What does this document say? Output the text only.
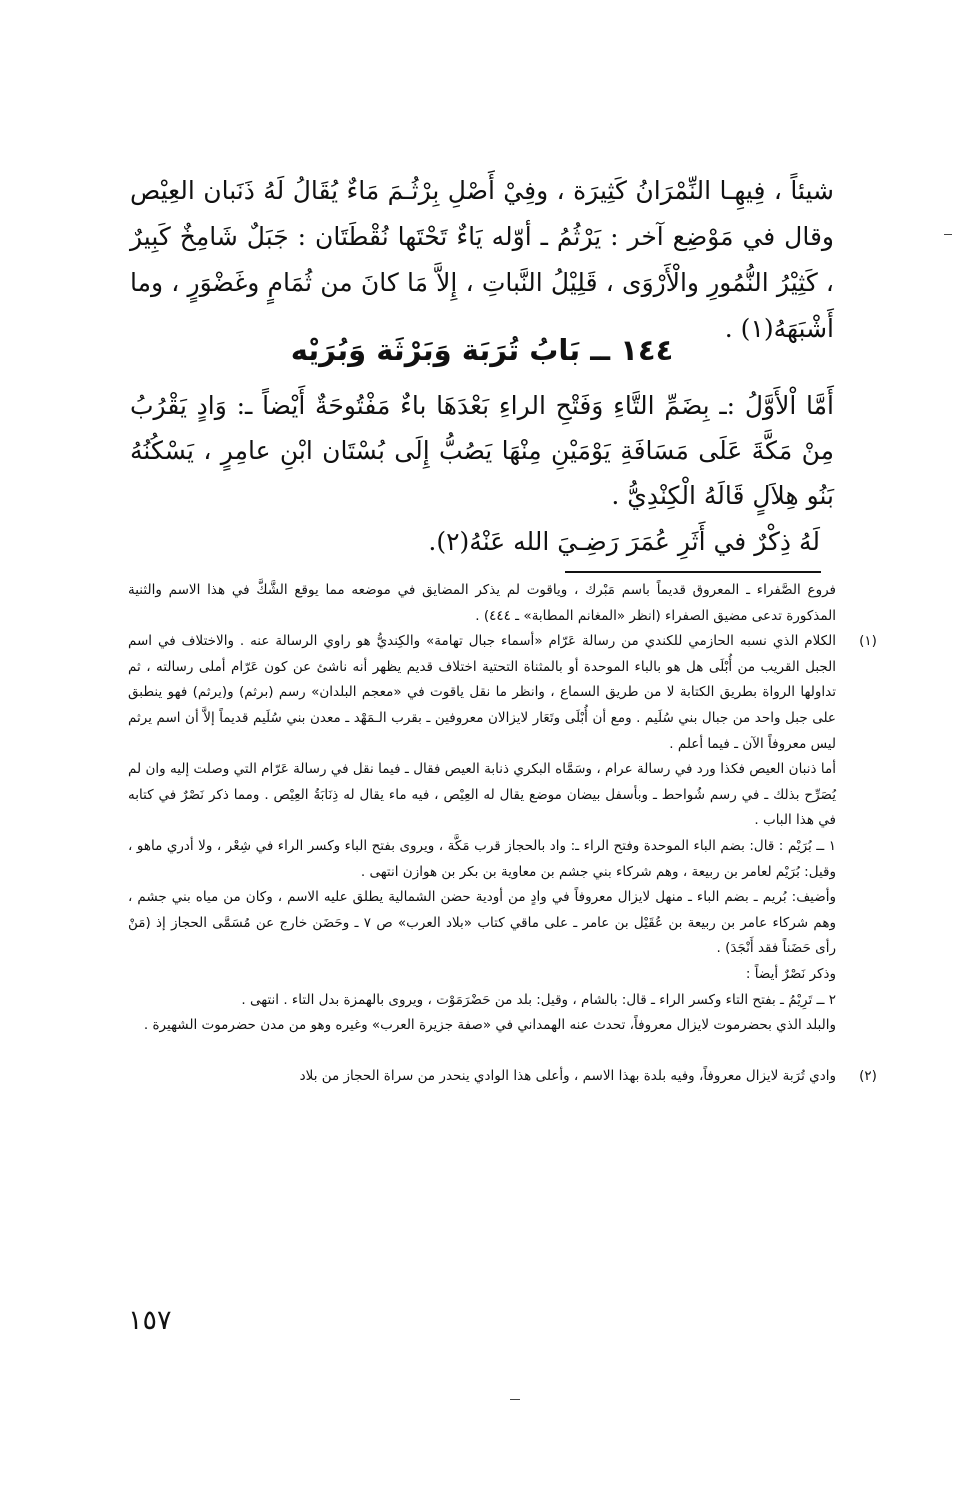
شيئاً ، فِيهِـا النِّمْرَانُ كَثِيرَة ، وفِيْ أَصْلِ بِرْثُـمَ مَاءٌ يُقَالُ لَهُ ذَنَبان العِيْص وقال في مَوْضِع آخر : يَرْثُمُ ـ أوّله يَاءٌ تَحْتَها نُقْطَتَان : جَبَلٌ شَامِخٌ كَبِيرٌ ، كَثِيْرُ النُّمُورِ والْأَرْوَى ، قَلِيْلُ النَّباتِ ، إِلاَّ مَا كانَ من ثُمَامٍ وغَضْوَرٍ ، وما أَشْبَهَهُ(١) .

١٤٤ ــ بَابُ تُرَبَة وَبَرْثَة وَبُرَيْه

أَمَّا اْلأَوَّلُ :ـ بِضَمِّ التَّاءِ وَفَتْحِ الراءِ بَعْدَهَا باءٌ مَفْتُوحَةٌ أَيْضاً ـ: وَادٍ يَقْرُبُ مِنْ مَكَّةَ عَلَى مَسَافَةِ يَوْمَيْنِ مِنْهَا يَصُبُّ إِلَى بُسْتَان ابْنِ عامِرٍ ، يَسْكُنُهُ بَنُو هِلاَلٍ قَالَهُ الْكِنْدِيُّ .

لَهُ ذِكْرٌ في أَثَرِ عُمَرَ رَضِـيَ الله عَنْهُ(٢).

فروع الصَّفراء ـ المعروق قديماً باسم مَبْرك ، وياقوت لم يذكر المضايق في موضعه مما يوقع الشَّكَّ في هذا الاسم والثنية المذكورة تدعى مضيق الصفراء (انظر «المغانم المطابة» ـ ٤٤٤) .

(١)

الكلام الذي نسبه الحازمي للكندي من رسالة عَرّام «أسماء جبال تهامة» والكِنديُّ هو راوي الرسالة عنه . والاختلاف في اسم الجبل القريب من أُبْلَى هل هو بالباء الموحدة أو بالمثناة التحتية اختلاف قديم يظهر أنه ناشئ عن كون عَرّام أملى رسالته ، ثم تداولها الرواة بطريق الكتابة لا من طريق السماع ، وانظر ما نقل ياقوت في «معجم البلدان» رسم (برثم) و(يرثم) فهو ينطبق على جبل واحد من جبال بني سُلَيم . ومع أن أُبْلَى وتَعَار لايزالان معروفين ـ بقرب الـمَهْد ـ معدن بني سُلَيم قديماً إلاَّ أن اسم يرثم ليس معروفاً الآن ـ فيما أعلم .

أما ذنبان العيص فكذا ورد في رسالة عرام ، وسَمَّاه البكري ذنابة العيص فقال ـ فيما نقل في رسالة عَرّام التي وصلت إليه وان لم يُصَرِّح بذلك ـ في رسم شُواحط ـ وبأسفل بيضان موضع يقال له العِيْص ، فيه ماء يقال له ذِنَابَةُ العِيْص . ومما ذكر نَصْرٌ في كتابه في هذا الباب .

١ ــ بُرَيْم : قال: بضم الباء الموحدة وفتح الراء ـ: واد بالحجاز قرب مَكَّة ، ويروى بفتح الباء وكسر الراء في شِعْر ، ولا أدري ماهو ، وقيل: بُرَيْم لعامر بن ربيعة ، وهم شركاء بني جشم بن معاوية بن بكر بن هوازن انتهى .

وأضيف: بُريم ـ بضم الباء ـ منهل لايزال معروفاً في وادٍ من أودية حضن الشمالية يطلق عليه الاسم ، وكان من مياه بني جشم ، وهم شركاء عامر بن ربيعة بن عُقَيْل بن عامر ـ على ماقي كتاب «بلاد العرب» ص ٧ ـ وحَضَن خارج عن مُسَمَّى الحجاز إذ (مَنْ رأى حَضَناً فقد أَنْجَدَ) .

وذكر نَصْرٌ أيضاً :

٢ ــ تَرِيْمُ ـ بفتح التاء وكسر الراء ـ قال: بالشام ، وقيل: بلد من حَضْرَمَوْت ، ويروى بالهمزة بدل التاء . انتهى .

والبلد الذي بحضرموت لايزال معروفاً، تحدث عنه الهمداني في «صفة جزيرة العرب» وغيره وهو من مدن حضرموت الشهيرة .

(٢)

وادي تُرَبة لايزال معروفاً، وفيه بلدة بهذا الاسم ، وأعلى هذا الوادي ينحدر من سراة الحجاز من بلاد

١٥٧
